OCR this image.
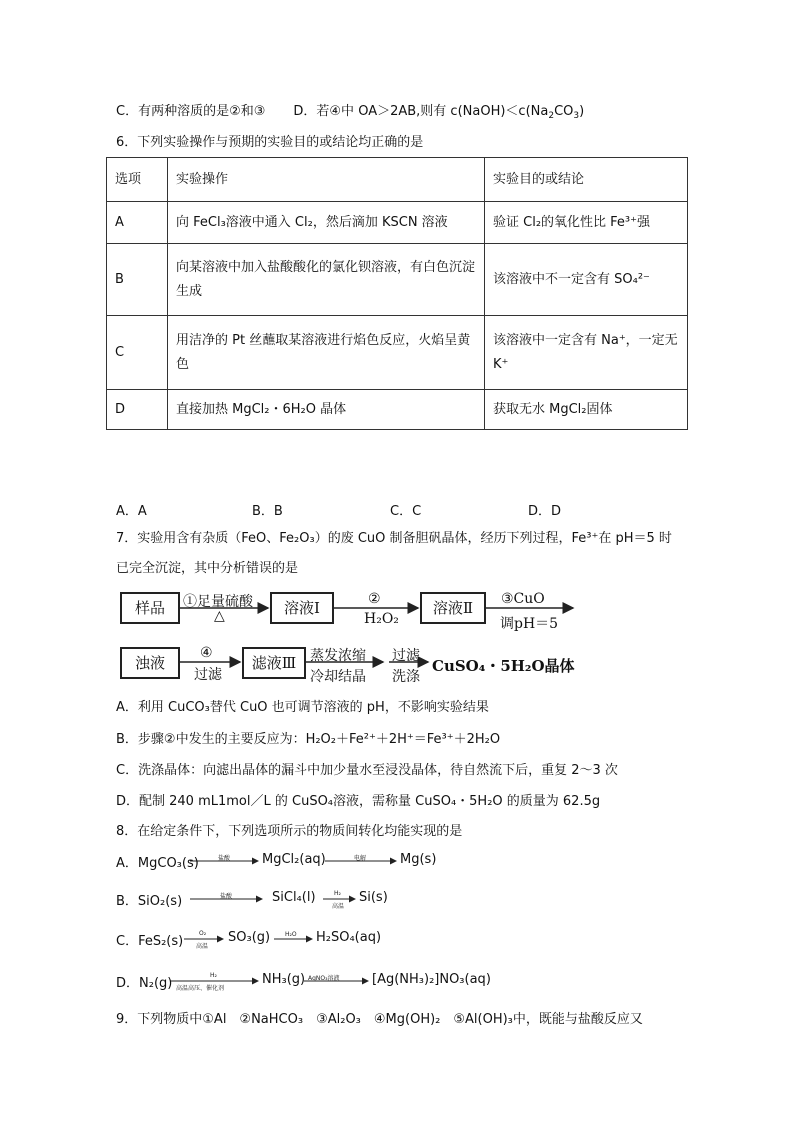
C．有两种溶质的是②和③ D．若④中 OA＞2AB,则有 $c(NaOH)<c(Na_2CO_3)$
6．下列实验操作与预期的实验目的或结论均正确的是
选项	实验操作	实验目的或结论
A	向 FeCl₃溶液中通入 Cl₂，然后滴加 KSCN 溶液	验证 Cl₂的氧化性比 Fe³⁺强
B	向某溶液中加入盐酸酸化的氯化钡溶液，有白色沉淀生成	该溶液中不一定含有 SO₄²⁻
C	用洁净的 Pt 丝蘸取某溶液进行焰色反应，火焰呈黄色	该溶液中一定含有 Na⁺，一定无 K⁺
D	直接加热 MgCl₂・6H₂O 晶体	获取无水 MgCl₂固体
A．A	B．B	C．C	D．D
7．实验用含有杂质（FeO、Fe₂O₃）的废 CuO 制备胆矾晶体，经历下列过程，Fe³⁺在 pH＝5 时
已完全沉淀，其中分析错误的是
样品	①足量硫酸
△	溶液Ⅰ	②
H₂O₂
溶液Ⅱ	③CuO
调pH＝5
浊液
④
过滤
滤液Ⅲ 蒸发浓缩
冷却结晶
过滤
洗涤
CuSO₄・5H₂O晶体
A．利用 CuCO₃替代 CuO 也可调节溶液的 pH，不影响实验结果
B．步骤②中发生的主要反应为：H₂O₂＋Fe²⁺＋2H⁺＝Fe³⁺＋2H₂O
C．洗涤晶体：向滤出晶体的漏斗中加少量水至浸没晶体，待自然流下后，重复 2～3 次
D．配制 240 mL1mol／L 的 CuSO₄溶液，需称量 CuSO₄・5H₂O 的质量为 62.5g
8．在给定条件下，下列选项所示的物质间转化均能实现的是
A．MgCO₃(s)	盐酸 MgCl₂(aq)	电解	Mg(s)
B．SiO₂(s)	盐酸	SiCl₄(l)	H₂
高温
Si(s)
C．FeS₂(s)
O₂
高温
SO₃(g) H₂O H₂SO₄(aq)
D．N₂(g)
H₂
高温高压、催化剂
NH₃(g) AgNO₃溶液 [Ag(NH₃)₂]NO₃(aq)
9．下列物质中①Al　②NaHCO₃　③Al₂O₃　④Mg(OH)₂　⑤Al(OH)₃中，既能与盐酸反应又
